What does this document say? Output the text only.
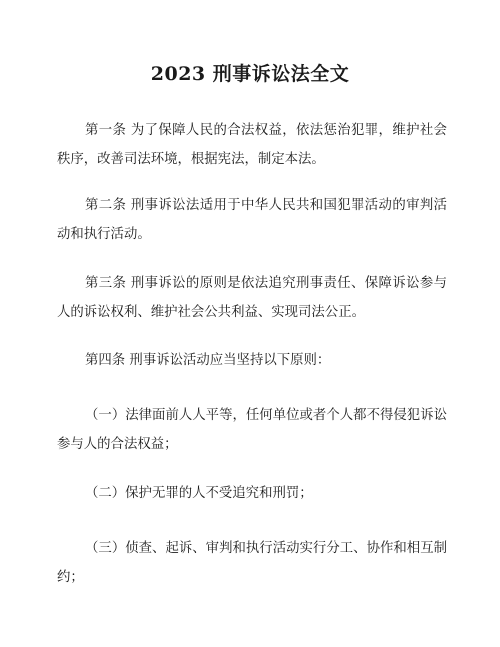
2023 刑事诉讼法全文

第一条 为了保障人民的合法权益，依法惩治犯罪，维护社会秩序，改善司法环境，根据宪法，制定本法。

第二条 刑事诉讼法适用于中华人民共和国犯罪活动的审判活动和执行活动。

第三条 刑事诉讼的原则是依法追究刑事责任、保障诉讼参与人的诉讼权利、维护社会公共利益、实现司法公正。

第四条 刑事诉讼活动应当坚持以下原则：

（一）法律面前人人平等，任何单位或者个人都不得侵犯诉讼参与人的合法权益；

（二）保护无罪的人不受追究和刑罚；

（三）侦查、起诉、审判和执行活动实行分工、协作和相互制约；
